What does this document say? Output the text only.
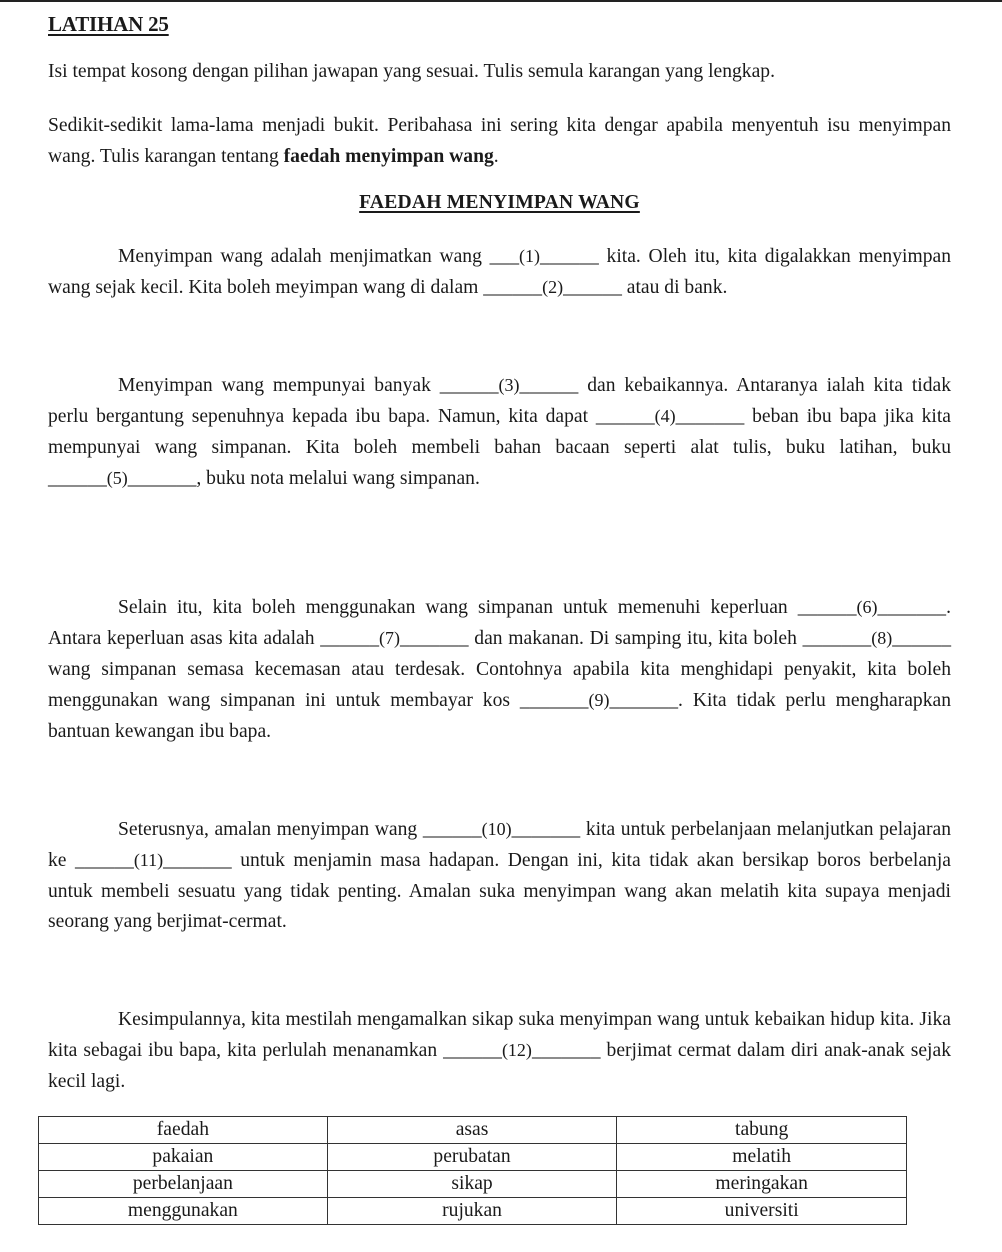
LATIHAN 25

Isi tempat kosong dengan pilihan jawapan yang sesuai. Tulis semula karangan yang lengkap.

Sedikit-sedikit lama-lama menjadi bukit. Peribahasa ini sering kita dengar apabila menyentuh isu menyimpan wang. Tulis karangan tentang faedah menyimpan wang.

FAEDAH MENYIMPAN WANG

Menyimpan wang adalah menjimatkan wang ___(1)______ kita. Oleh itu, kita digalakkan menyimpan wang sejak kecil. Kita boleh meyimpan wang di dalam ______(2)______ atau di bank.

Menyimpan wang mempunyai banyak ______(3)______ dan kebaikannya. Antaranya ialah kita tidak perlu bergantung sepenuhnya kepada ibu bapa. Namun, kita dapat ______(4)_______ beban ibu bapa jika kita mempunyai wang simpanan. Kita boleh membeli bahan bacaan seperti alat tulis, buku latihan, buku ______(5)_______, buku nota melalui wang simpanan.

Selain itu, kita boleh menggunakan wang simpanan untuk memenuhi keperluan ______(6)_______. Antara keperluan asas kita adalah ______(7)_______ dan makanan. Di samping itu, kita boleh _______(8)______ wang simpanan semasa kecemasan atau terdesak. Contohnya apabila kita menghidapi penyakit, kita boleh menggunakan wang simpanan ini untuk membayar kos _______(9)_______. Kita tidak perlu mengharapkan bantuan kewangan ibu bapa.

Seterusnya, amalan menyimpan wang ______(10)_______ kita untuk perbelanjaan melanjutkan pelajaran ke ______(11)_______ untuk menjamin masa hadapan. Dengan ini, kita tidak akan bersikap boros berbelanja untuk membeli sesuatu yang tidak penting. Amalan suka menyimpan wang akan melatih kita supaya menjadi seorang yang berjimat-cermat.

Kesimpulannya, kita mestilah mengamalkan sikap suka menyimpan wang untuk kebaikan hidup kita. Jika kita sebagai ibu bapa, kita perlulah menanamkan ______(12)_______ berjimat cermat dalam diri anak-anak sejak kecil lagi.

faedah	asas	tabung
pakaian	perubatan	melatih
perbelanjaan	sikap	meringakan
menggunakan	rujukan	universiti
